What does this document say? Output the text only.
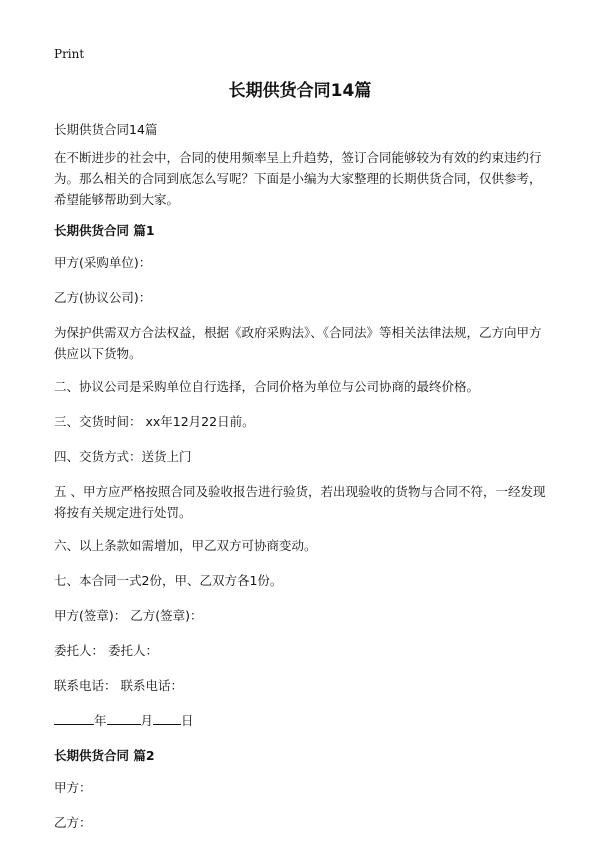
Print
长期供货合同14篇

长期供货合同14篇

在不断进步的社会中，合同的使用频率呈上升趋势，签订合同能够较为有效的约束违约行为。那么相关的合同到底怎么写呢？下面是小编为大家整理的长期供货合同，仅供参考，希望能够帮助到大家。

长期供货合同 篇1

甲方(采购单位)：

乙方(协议公司)：

为保护供需双方合法权益，根据《政府采购法》、《合同法》等相关法律法规，乙方向甲方供应以下货物。

二、协议公司是采购单位自行选择，合同价格为单位与公司协商的最终价格。

三、交货时间： xx年12月22日前。

四、交货方式：送货上门

五 、甲方应严格按照合同及验收报告进行验货，若出现验收的货物与合同不符，一经发现将按有关规定进行处罚。

六、以上条款如需增加，甲乙双方可协商变动。

七、本合同一式2份，甲、乙双方各1份。

甲方(签章)： 乙方(签章)：

委托人： 委托人：

联系电话： 联系电话：

年	月 日

长期供货合同 篇2

甲方：

乙方：
